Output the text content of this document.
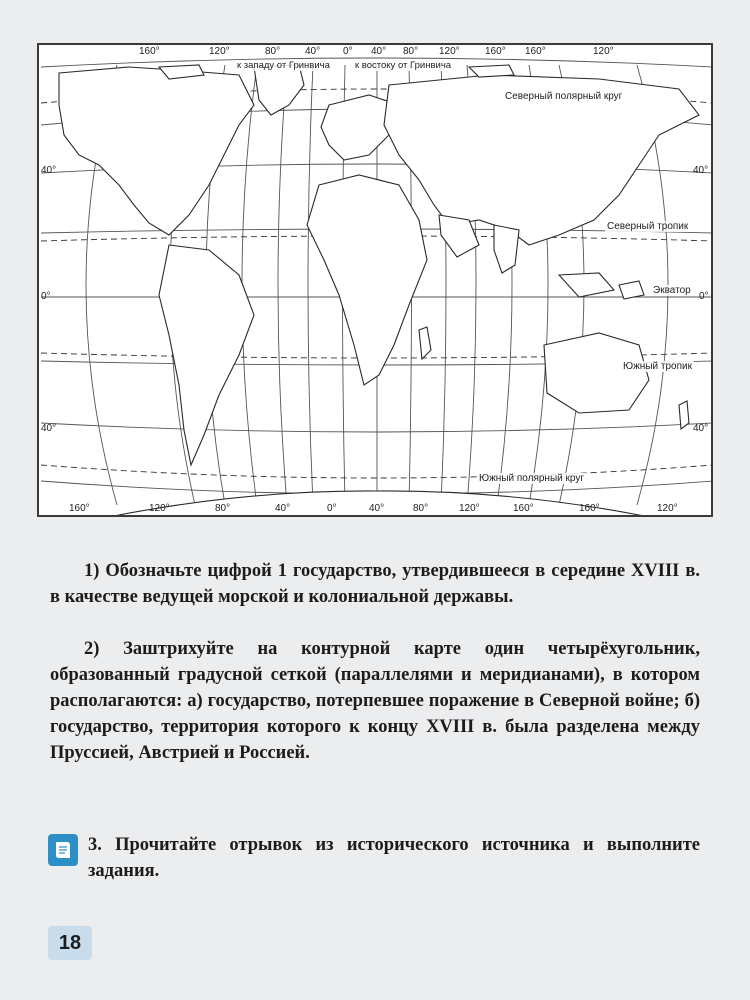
160°	120°	80° 40° 0° 40° 80° 120°	160° 160°	120°
160°	120°	80°	40°	0°	40°	80°	120°	160°	160°	120°
40°
0°
40°
40°
0°
40°
к западу от Гринвича	к востоку от Гринвича
Северный полярный круг
Северный тропик
Экватор
Южный тропик
Южный полярный круг

1) Обозначьте цифрой 1 государство, утвердившееся в середине XVIII в. в качестве ведущей морской и колониальной державы.

2) Заштрихуйте на контурной карте один четырёхугольник, образованный градусной сеткой (параллелями и меридианами), в котором располагаются: а) государство, потерпевшее поражение в Северной войне; б) государство, территория которого к концу XVIII в. была разделена между Пруссией, Австрией и Россией.

3. Прочитайте отрывок из исторического источника и выполните задания.
18
